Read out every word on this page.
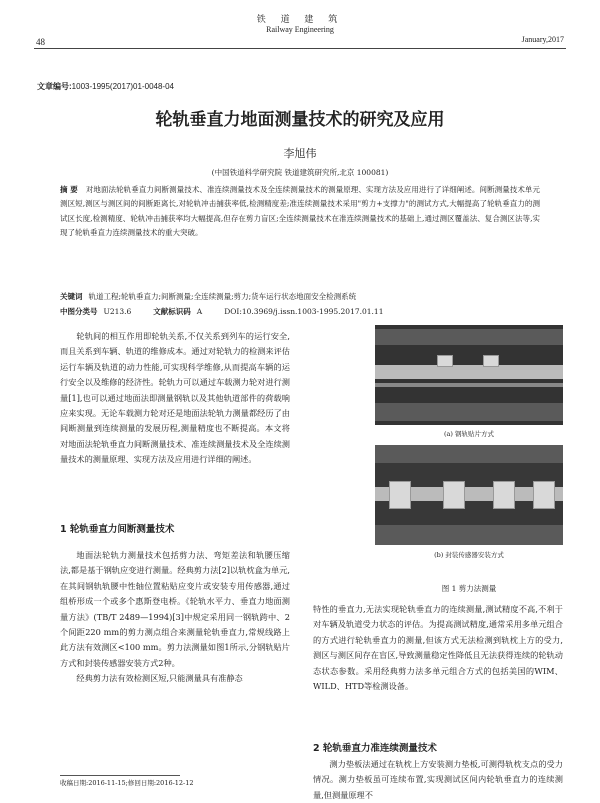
铁 道 建 筑
Railway Engineering
48	January,2017
文章编号:1003-1995(2017)01-0048-04
轮轨垂直力地面测量技术的研究及应用
李旭伟
(中国铁道科学研究院 铁道建筑研究所,北京 100081)
摘 要 对地面法轮轨垂直力间断测量技术、准连续测量技术及全连续测量技术的测量原理、实现方法及应用进行了详细阐述。间断测量技术单元测区短,测区与测区间的间断距离长,对轮轨冲击捕获率低,检测精度差;准连续测量技术采用"剪力+支撑力"的测试方式,大幅提高了轮轨垂直力的测试区长度,检测精度、轮轨冲击捕获率均大幅提高,但存在剪力盲区;全连续测量技术在准连续测量技术的基础上,通过测区覆盖法、复合测区法等,实现了轮轨垂直力连续测量技术的重大突破。
关键词 轨道工程;轮轨垂直力;间断测量;全连续测量;剪力;货车运行状态地面安全检测系统
中图分类号 U213.6	文献标识码 A	DOI:10.3969/j.issn.1003-1995.2017.01.11

轮轨间的相互作用即轮轨关系,不仅关系到列车的运行安全,而且关系到车辆、轨道的维修成本。通过对轮轨力的检测来评估运行车辆及轨道的动力性能,可实现科学维修,从而提高车辆的运行安全以及维修的经济性。轮轨力可以通过车载测力轮对进行测量[1],也可以通过地面法即测量钢轨以及其他轨道部件的荷载响应来实现。无论车载测力轮对还是地面法轮轨力测量都经历了由间断测量到连续测量的发展历程,测量精度也不断提高。本文将对地面法轮轨垂直力间断测量技术、准连续测量技术及全连续测量技术的测量原理、实现方法及应用进行详细的阐述。

1 轮轨垂直力间断测量技术

地面法轮轨力测量技术包括剪力法、弯矩差法和轨腰压缩法,都是基于钢轨应变进行测量。经典剪力法[2]以轨枕盒为单元,在其间钢轨轨腰中性轴位置粘贴应变片或安装专用传感器,通过组桥形成一个或多个惠斯登电桥。《轮轨水平力、垂直力地面测量方法》(TB/T 2489—1994)[3]中规定采用同一钢轨跨中、2个间距220 mm的剪力测点组合来测量轮轨垂直力,常规线路上此方法有效测区<100 mm。剪力法测量如图1所示,分钢轨贴片方式和封装传感器安装方式2种。

经典剪力法有效检测区短,只能测量具有准静态

(a) 钢轨贴片方式
(b) 封装传感器安装方式
图 1 剪力法测量

特性的垂直力,无法实现轮轨垂直力的连续测量,测试精度不高,不利于对车辆及轨道受力状态的评估。为提高测试精度,通常采用多单元组合的方式进行轮轨垂直力的测量,但该方式无法检测到轨枕上方的受力,测区与测区间存在盲区,导致测量稳定性降低且无法获得连续的轮轨动态状态参数。采用经典剪力法多单元组合方式的包括美国的WIM、WILD、HTD等检测设备。

2 轮轨垂直力准连续测量技术

测力垫板法通过在轨枕上方安装测力垫板,可测得轨枕支点的受力情况。测力垫板虽可连续布置,实现测试区间内轮轨垂直力的连续测量,但测量原理不

收稿日期:2016-11-15;修回日期:2016-12-12
